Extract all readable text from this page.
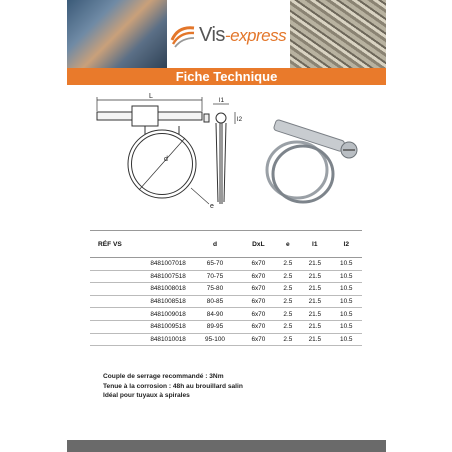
Vis-express
Fiche Technique
L
d
e
l1
l2
RÉF VS	d	DxL	e	l1	l2
8481007018	65-70	6x70	2.5	21.5	10.5
8481007518	70-75	6x70	2.5	21.5	10.5
8481008018	75-80	6x70	2.5	21.5	10.5
8481008518	80-85	6x70	2.5	21.5	10.5
8481009018	84-90	6x70	2.5	21.5	10.5
8481009518	89-95	6x70	2.5	21.5	10.5
8481010018	95-100	6x70	2.5	21.5	10.5
Couple de serrage recommandé : 3Nm
Tenue à la corrosion : 48h au brouillard salin
Idéal pour tuyaux à spirales
